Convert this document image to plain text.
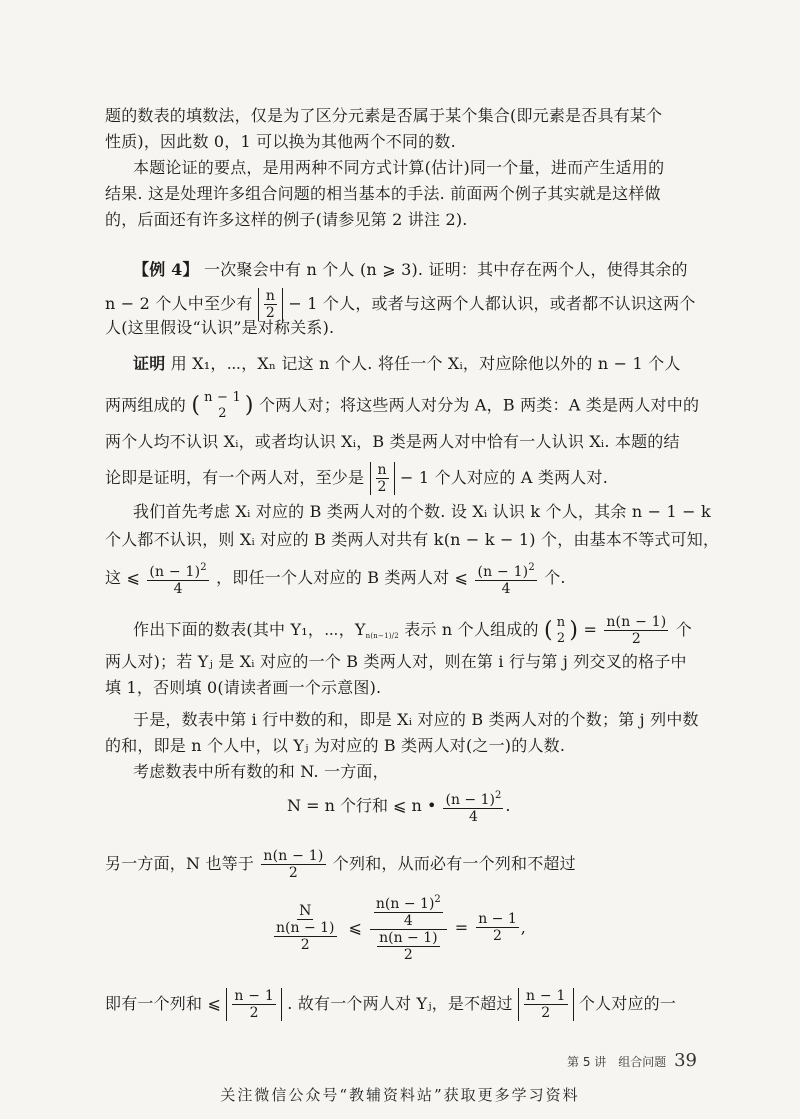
题的数表的填数法，仅是为了区分元素是否属于某个集合(即元素是否具有某个

性质)，因此数 0，1 可以换为其他两个不同的数.

本题论证的要点，是用两种不同方式计算(估计)同一个量，进而产生适用的

结果. 这是处理许多组合问题的相当基本的手法. 前面两个例子其实就是这样做

的，后面还有许多这样的例子(请参见第 2 讲注 2).

【例 4】 一次聚会中有 n 个人 (n ⩾ 3). 证明：其中存在两个人，使得其余的

n − 2 个人中至少有 $\frac{n}{2} - 1$ 个人，或者与这两个人都认识，或者都不认识这两个

人(这里假设“认识”是对称关系).

证明 用 X₁，⋯，Xₙ 记这 n 个人. 将任一个 Xᵢ，对应除他以外的 n − 1 个人

两两组成的 ( n − 1
2 ) 个两人对；将这些两人对分为 A，B 两类：A 类是两人对中的

两个人均不认识 Xᵢ，或者均认识 Xᵢ，B 类是两人对中恰有一人认识 Xᵢ. 本题的结

论即是证明，有一个两人对，至少是 $\frac{n}{2} - 1$ 个人对应的 A 类两人对.

我们首先考虑 Xᵢ 对应的 B 类两人对的个数. 设 Xᵢ 认识 k 个人，其余 n − 1 − k

个人都不认识，则 Xᵢ 对应的 B 类两人对共有 k(n − k − 1) 个，由基本不等式可知，

这 ⩽ $\frac{(n - 1)^2}{4}$ ，即任一个人对应的 B 类两人对 ⩽ $\frac{(n - 1)^2}{4}$ 个.

作出下面的数表(其中 Y₁，⋯，$Y_{n(n-1)/2}$ 表示 n 个人组成的 ( n
2 ) = $\frac{n(n - 1)}{2}$ 个

两人对)；若 Yⱼ 是 Xᵢ 对应的一个 B 类两人对，则在第 i 行与第 j 列交叉的格子中

填 1，否则填 0(请读者画一个示意图).

于是，数表中第 i 行中数的和，即是 Xᵢ 对应的 B 类两人对的个数；第 j 列中数

的和，即是 n 个人中，以 Yⱼ 为对应的 B 类两人对(之一)的人数.

考虑数表中所有数的和 N. 一方面，

N = n 个行和 ⩽ n • $\frac{(n - 1)^2}{4}$ .

另一方面，N 也等于 $\frac{n(n - 1)}{2}$ 个列和，从而必有一个列和不超过

$\frac{N}{\frac{n(n - 1)}{2}}$ ⩽ $\frac{\frac{n(n - 1)^2}{4}}{\frac{n(n - 1)}{2}} = \frac{n - 1}{2}$ ,

即有一个列和 ⩽ $\frac{n - 1}{2}$ . 故有一个两人对 Yⱼ，是不超过 $\frac{n - 1}{2}$ 个人对应的一

第 5 讲　组合问题 39
关注微信公众号“教辅资料站”获取更多学习资料
